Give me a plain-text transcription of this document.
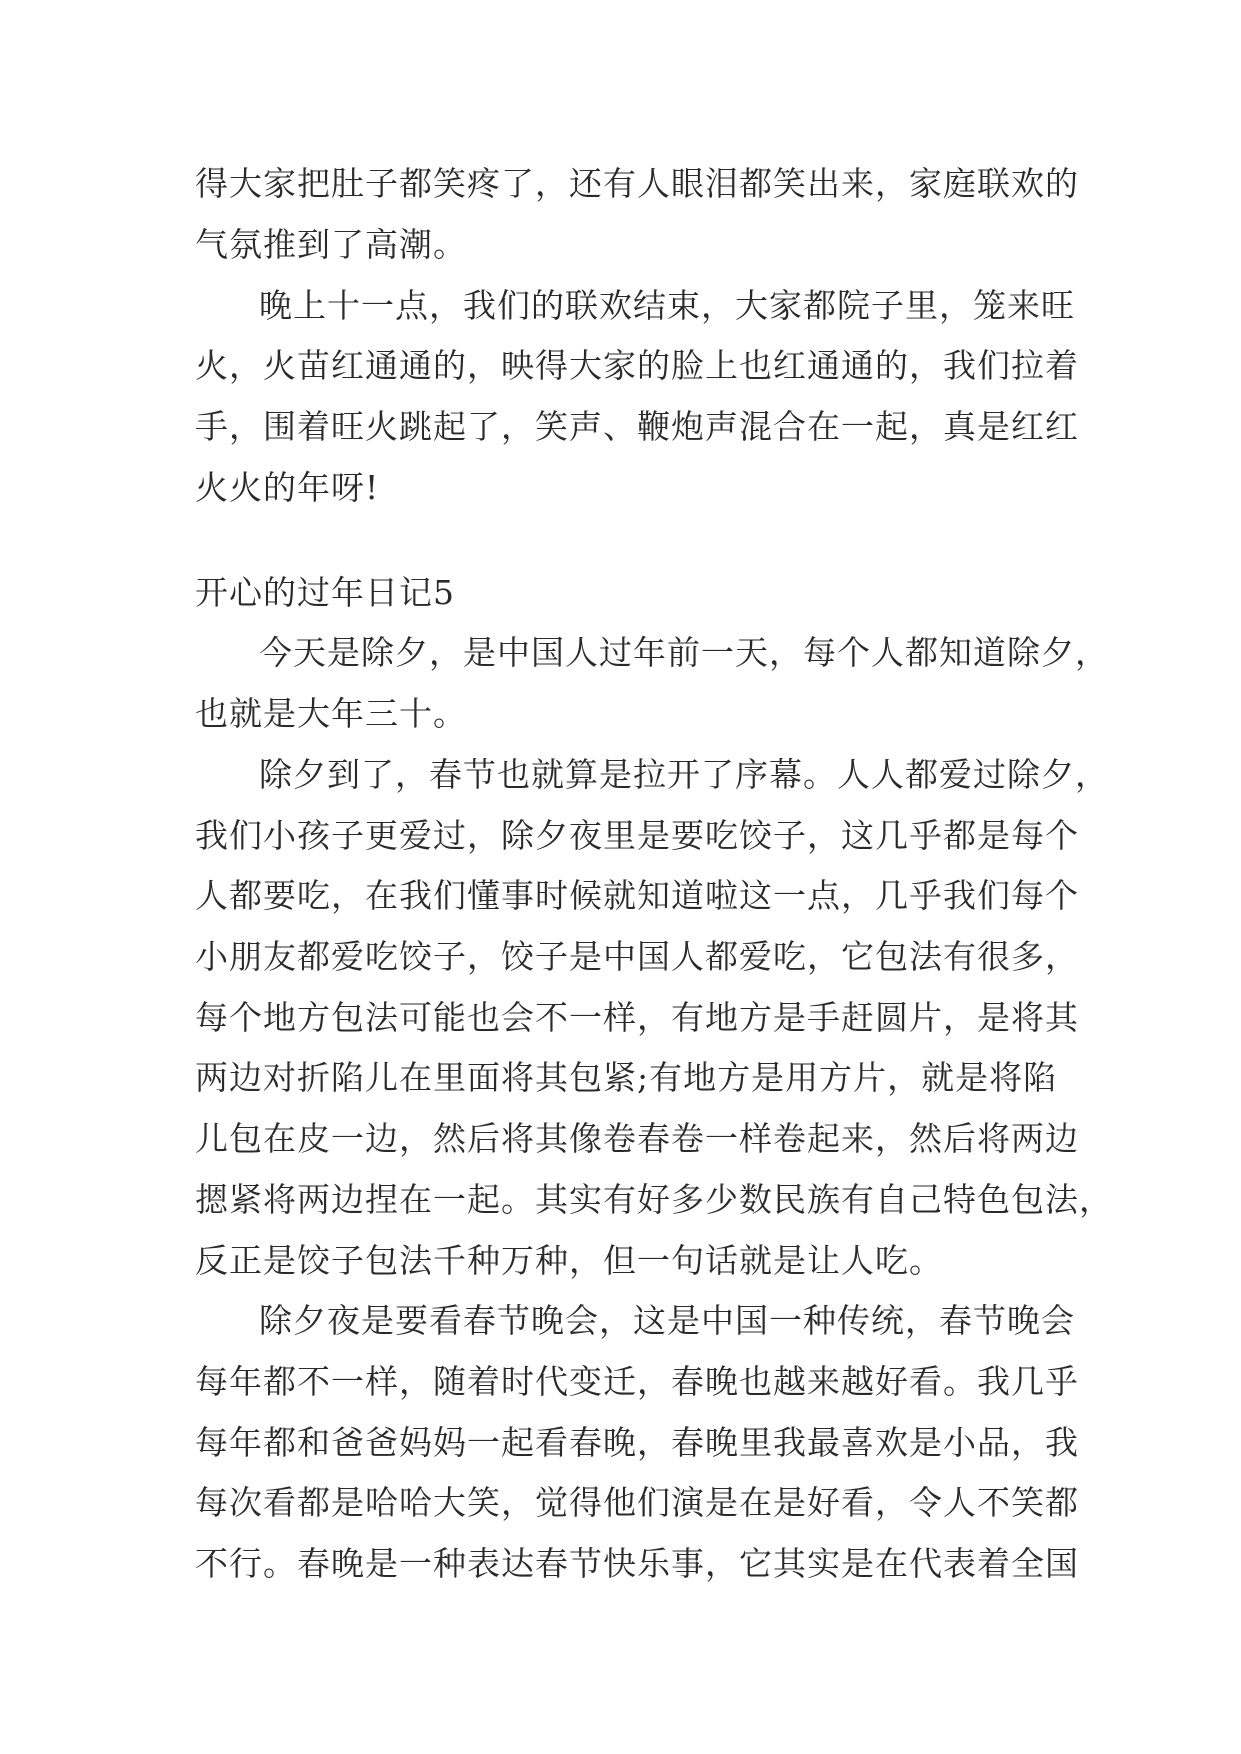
得大家把肚子都笑疼了，还有人眼泪都笑出来，家庭联欢的

气氛推到了高潮。

晚上十一点，我们的联欢结束，大家都院子里，笼来旺

火，火苗红通通的，映得大家的脸上也红通通的，我们拉着

手，围着旺火跳起了，笑声、鞭炮声混合在一起，真是红红

火火的年呀!

开心的过年日记5

今天是除夕，是中国人过年前一天，每个人都知道除夕，

也就是大年三十。

除夕到了，春节也就算是拉开了序幕。人人都爱过除夕，

我们小孩子更爱过，除夕夜里是要吃饺子，这几乎都是每个

人都要吃，在我们懂事时候就知道啦这一点，几乎我们每个

小朋友都爱吃饺子，饺子是中国人都爱吃，它包法有很多，

每个地方包法可能也会不一样，有地方是手赶圆片，是将其

两边对折陷儿在里面将其包紧;有地方是用方片，就是将陷

儿包在皮一边，然后将其像卷春卷一样卷起来，然后将两边

摁紧将两边捏在一起。其实有好多少数民族有自己特色包法，

反正是饺子包法千种万种，但一句话就是让人吃。

除夕夜是要看春节晚会，这是中国一种传统，春节晚会

每年都不一样，随着时代变迁，春晚也越来越好看。我几乎

每年都和爸爸妈妈一起看春晚，春晚里我最喜欢是小品，我

每次看都是哈哈大笑，觉得他们演是在是好看，令人不笑都

不行。春晚是一种表达春节快乐事，它其实是在代表着全国
